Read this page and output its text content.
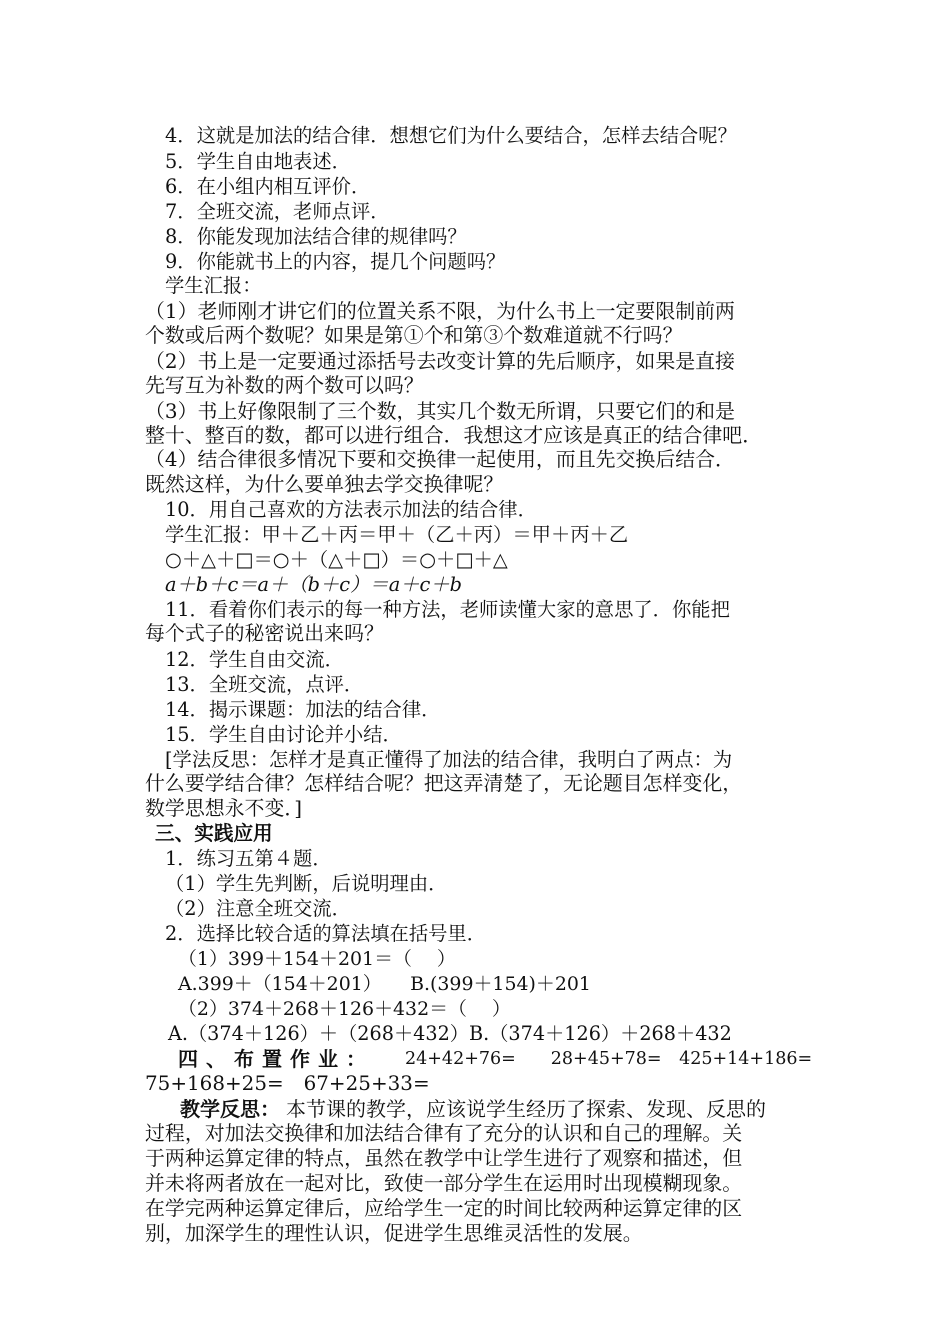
4．这就是加法的结合律．想想它们为什么要结合，怎样去结合呢？
5．学生自由地表述．
6．在小组内相互评价．
7．全班交流，老师点评．
8．你能发现加法结合律的规律吗？
9．你能就书上的内容，提几个问题吗？
学生汇报：
（1）老师刚才讲它们的位置关系不限，为什么书上一定要限制前两
个数或后两个数呢？如果是第①个和第③个数难道就不行吗？
（2）书上是一定要通过添括号去改变计算的先后顺序，如果是直接
先写互为补数的两个数可以吗？
（3）书上好像限制了三个数，其实几个数无所谓，只要它们的和是
整十、整百的数，都可以进行组合．我想这才应该是真正的结合律吧．
（4）结合律很多情况下要和交换律一起使用，而且先交换后结合．
既然这样，为什么要单独去学交换律呢？
10．用自己喜欢的方法表示加法的结合律．
学生汇报：甲＋乙＋丙＝甲＋（乙＋丙）＝甲＋丙＋乙
○＋△＋□＝○＋（△＋□）＝○＋□＋△
a＋b＋c＝a＋（b＋c）＝a＋c＋b
11．看着你们表示的每一种方法，老师读懂大家的意思了．你能把
每个式子的秘密说出来吗？
12．学生自由交流．
13．全班交流，点评．
14．揭示课题：加法的结合律．
15．学生自由讨论并小结．
[学法反思：怎样才是真正懂得了加法的结合律，我明白了两点：为
什么要学结合律？怎样结合呢？把这弄清楚了，无论题目怎样变化，
数学思想永不变．]
三、实践应用
1．练习五第４题．
（1）学生先判断，后说明理由．
（2）注意全班交流．
2．选择比较合适的算法填在括号里．
（1）399＋154＋201＝（　 ）
A.399＋（154＋201）　　B.(399＋154)＋201
（2）374＋268＋126＋432＝（　 ）
A.（374＋126）＋（268＋432）B.（374＋126）＋268＋432
四、布置作业： 24+42+76=　　28+45+78=　425+14+186=
75+168+25=　67+25+33=
教学反思： 本节课的教学，应该说学生经历了探索、发现、反思的
过程，对加法交换律和加法结合律有了充分的认识和自己的理解。关
于两种运算定律的特点，虽然在教学中让学生进行了观察和描述，但
并未将两者放在一起对比，致使一部分学生在运用时出现模糊现象。
在学完两种运算定律后，应给学生一定的时间比较两种运算定律的区
别，加深学生的理性认识，促进学生思维灵活性的发展。
